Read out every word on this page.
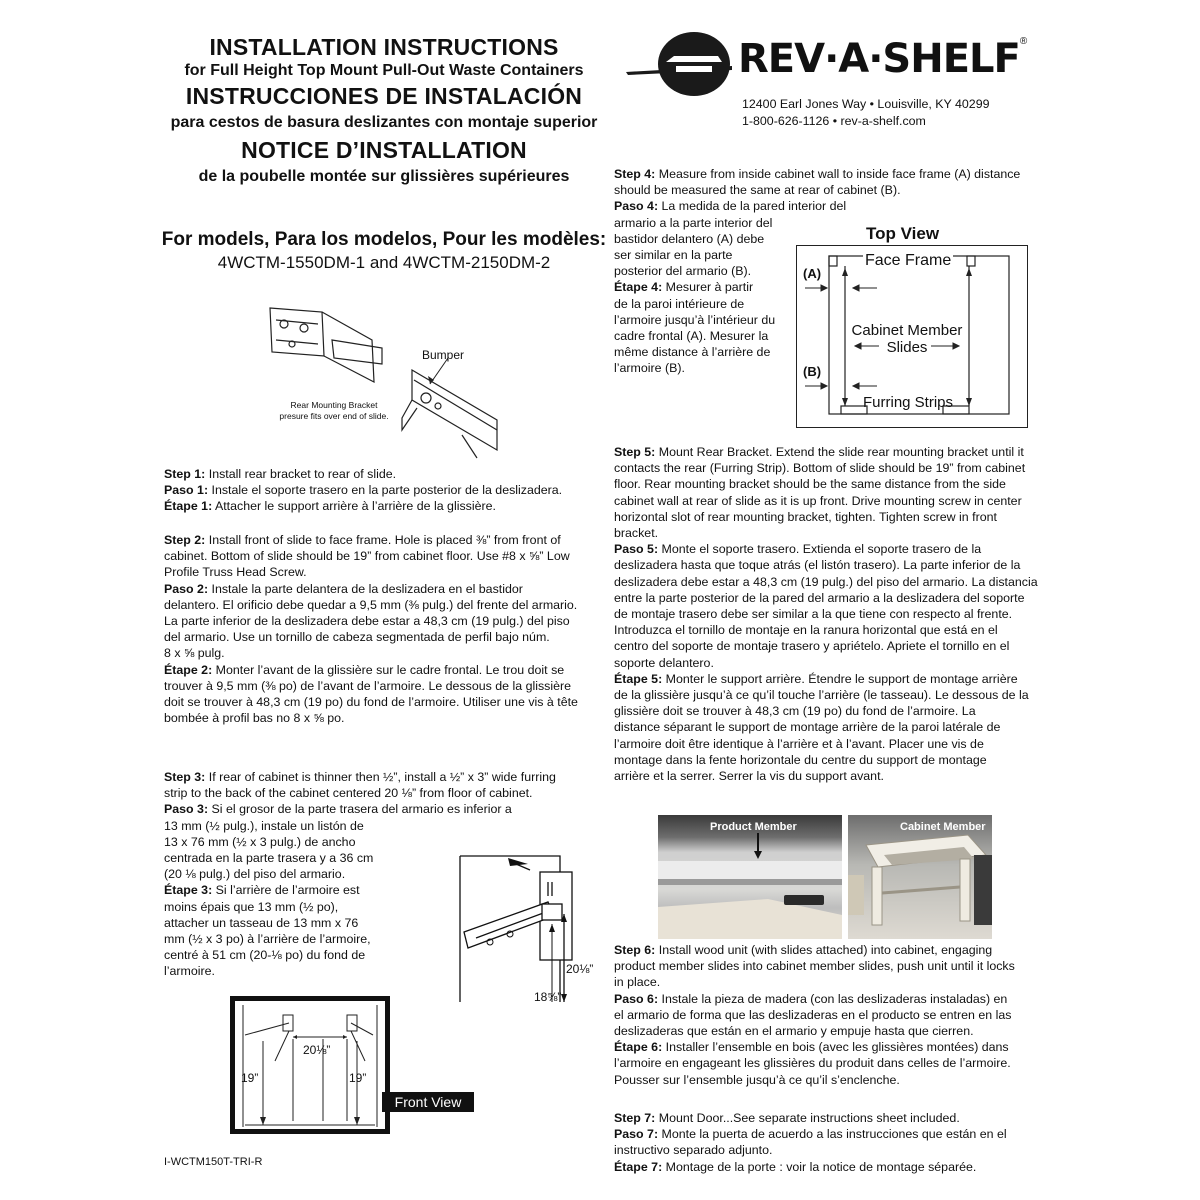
INSTALLATION INSTRUCTIONS
for Full Height Top Mount Pull-Out Waste Containers
INSTRUCCIONES DE INSTALACIÓN
para cestos de basura deslizantes con montaje superior
NOTICE D’INSTALLATION
de la poubelle montée sur glissières supérieures
For models, Para los modelos, Pour les modèles:
4WCTM-1550DM-1 and 4WCTM-2150DM-2
REV·A·SHELF®
12400 Earl Jones Way • Louisville, KY 40299
1-800-626-1126 • rev-a-shelf.com
Bumper
Rear Mounting Bracket
presure fits over end of slide.
Step 1: Install rear bracket to rear of slide.
Paso 1: Instale el soporte trasero en la parte posterior de la deslizadera.
Étape 1: Attacher le support arrière à l’arrière de la glissière.
Step 2: Install front of slide to face frame. Hole is placed ⅜” from front of
cabinet. Bottom of slide should be 19” from cabinet floor. Use #8 x ⅝” Low
Profile Truss Head Screw.
Paso 2: Instale la parte delantera de la deslizadera en el bastidor
delantero. El orificio debe quedar a 9,5 mm (⅜ pulg.) del frente del armario.
La parte inferior de la deslizadera debe estar a 48,3 cm (19 pulg.) del piso
del armario. Use un tornillo de cabeza segmentada de perfil bajo núm.
8 x ⅝ pulg.
Étape 2: Monter l’avant de la glissière sur le cadre frontal. Le trou doit se
trouver à 9,5 mm (⅜ po) de l’avant de l’armoire. Le dessous de la glissière
doit se trouver à 48,3 cm (19 po) du fond de l’armoire. Utiliser une vis à tête
bombée à profil bas no 8 x ⅝ po.
Step 3: If rear of cabinet is thinner then ½”, install a ½” x 3” wide furring
strip to the back of the cabinet centered 20 ⅛” from floor of cabinet.
Paso 3: Si el grosor de la parte trasera del armario es inferior a
13 mm (½ pulg.), instale un listón de
13 x 76 mm (½ x 3 pulg.) de ancho
centrada en la parte trasera y a 36 cm
(20 ⅛ pulg.) del piso del armario.
Étape 3: Si l’arrière de l’armoire est
moins épais que 13 mm (½ po),
attacher un tasseau de 13 mm x 76
mm (½ x 3 po) à l’arrière de l’armoire,
centré à 51 cm (20-⅛ po) du fond de
l’armoire.	20⅛”
18⅝”
20⅛”
19”	19”
Front View
I-WCTM150T-TRI-R
Step 4: Measure from inside cabinet wall to inside face frame (A) distance
should be measured the same at rear of cabinet (B).
Paso 4: La medida de la pared interior del
armario a la parte interior del
bastidor delantero (A) debe
ser similar en la parte
posterior del armario (B).
Étape 4: Mesurer à partir
de la paroi intérieure de
l’armoire jusqu’à l’intérieur du
cadre frontal (A). Mesurer la
même distance à l’arrière de
l’armoire (B).
Top View
Face Frame
(A)
(B)
Cabinet Member
Slides
Furring Strips
Step 5: Mount Rear Bracket. Extend the slide rear mounting bracket until it
contacts the rear (Furring Strip). Bottom of slide should be 19” from cabinet
floor. Rear mounting bracket should be the same distance from the side
cabinet wall at rear of slide as it is up front. Drive mounting screw in center
horizontal slot of rear mounting bracket, tighten. Tighten screw in front
bracket.
Paso 5: Monte el soporte trasero. Extienda el soporte trasero de la
deslizadera hasta que toque atrás (el listón trasero). La parte inferior de la
deslizadera debe estar a 48,3 cm (19 pulg.) del piso del armario. La distancia
entre la parte posterior de la pared del armario a la deslizadera del soporte
de montaje trasero debe ser similar a la que tiene con respecto al frente.
Introduzca el tornillo de montaje en la ranura horizontal que está en el
centro del soporte de montaje trasero y apriételo. Apriete el tornillo en el
soporte delantero.
Étape 5: Monter le support arrière. Étendre le support de montage arrière
de la glissière jusqu’à ce qu’il touche l’arrière (le tasseau). Le dessous de la
glissière doit se trouver à 48,3 cm (19 po) du fond de l’armoire. La
distance séparant le support de montage arrière de la paroi latérale de
l’armoire doit être identique à l’arrière et à l’avant. Placer une vis de
montage dans la fente horizontale du centre du support de montage
arrière et la serrer. Serrer la vis du support avant.
Product Member	Cabinet Member
Step 6: Install wood unit (with slides attached) into cabinet, engaging
product member slides into cabinet member slides, push unit until it locks
in place.
Paso 6: Instale la pieza de madera (con las deslizaderas instaladas) en
el armario de forma que las deslizaderas en el producto se entren en las
deslizaderas que están en el armario y empuje hasta que cierren.
Étape 6: Installer l’ensemble en bois (avec les glissières montées) dans
l’armoire en engageant les glissières du produit dans celles de l’armoire.
Pousser sur l’ensemble jusqu’à ce qu’il s’enclenche.
Step 7: Mount Door...See separate instructions sheet included.
Paso 7: Monte la puerta de acuerdo a las instrucciones que están en el
instructivo separado adjunto.
Étape 7: Montage de la porte : voir la notice de montage séparée.
